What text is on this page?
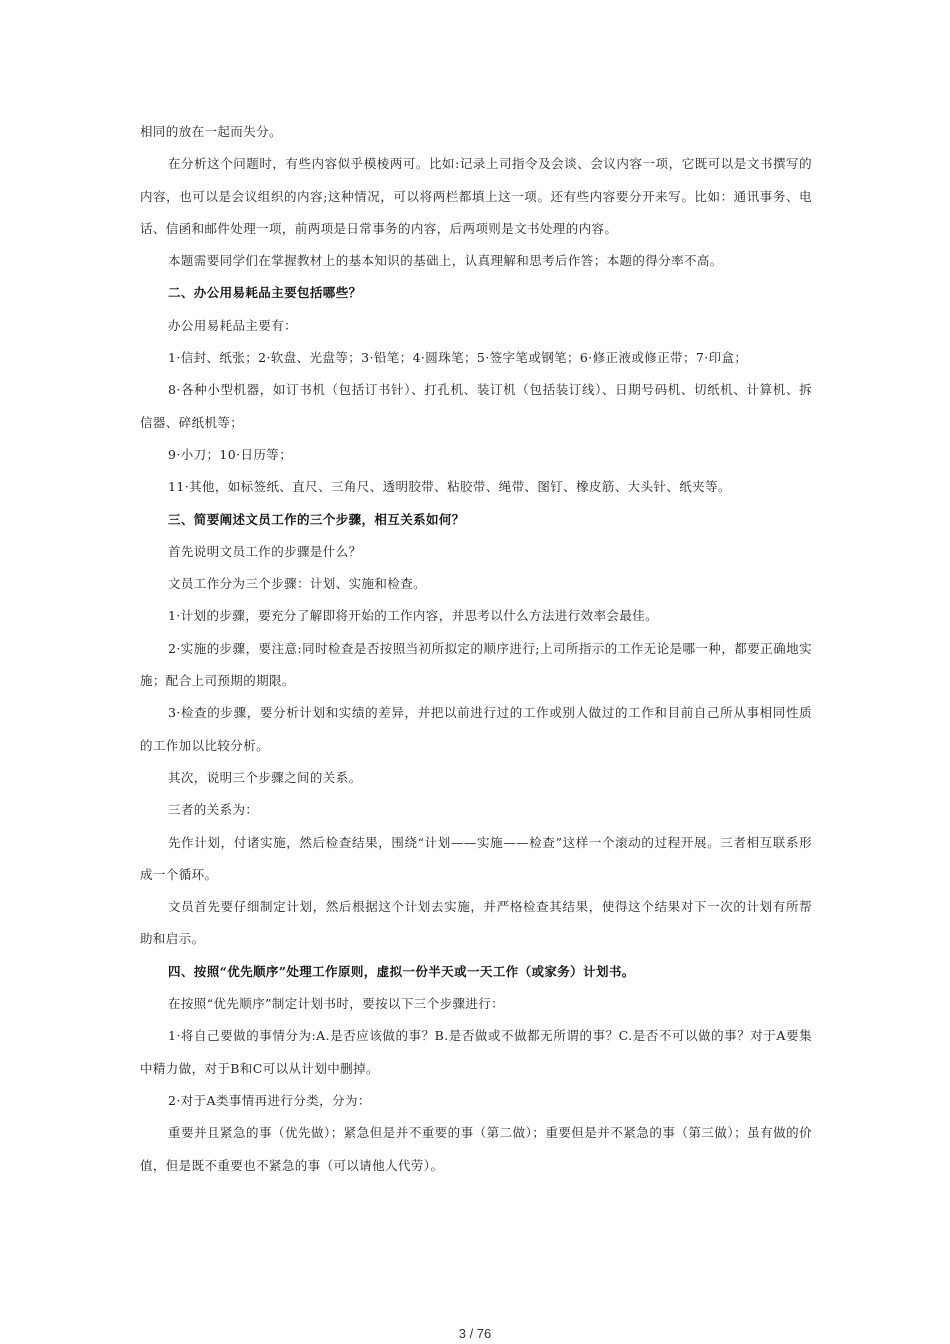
相同的放在一起而失分。

在分析这个问题时，有些内容似乎模棱两可。比如:记录上司指令及会谈、会议内容一项，它既可以是文书撰写的内容，也可以是会议组织的内容;这种情况，可以将两栏都填上这一项。还有些内容要分开来写。比如：通讯事务、电话、信函和邮件处理一项，前两项是日常事务的内容，后两项则是文书处理的内容。

本题需要同学们在掌握教材上的基本知识的基础上，认真理解和思考后作答；本题的得分率不高。

二、办公用易耗品主要包括哪些？

办公用易耗品主要有：

1·信封、纸张；2·软盘、光盘等；3·铅笔；4·圆珠笔；5·签字笔或钢笔；6·修正液或修正带；7·印盒；

8·各种小型机器，如订书机（包括订书针）、打孔机、装订机（包括装订线）、日期号码机、切纸机、计算机、拆信器、碎纸机等；

9·小刀；10·日历等；

11·其他，如标签纸、直尺、三角尺、透明胶带、粘胶带、绳带、图钉、橡皮筋、大头针、纸夹等。

三、简要阐述文员工作的三个步骤，相互关系如何？

首先说明文员工作的步骤是什么？

文员工作分为三个步骤：计划、实施和检查。

1·计划的步骤，要充分了解即将开始的工作内容，并思考以什么方法进行效率会最佳。

2·实施的步骤，要注意:同时检查是否按照当初所拟定的顺序进行;上司所指示的工作无论是哪一种，都要正确地实施；配合上司预期的期限。

3·检查的步骤，要分析计划和实绩的差异，并把以前进行过的工作或别人做过的工作和目前自己所从事相同性质的工作加以比较分析。

其次，说明三个步骤之间的关系。

三者的关系为：

先作计划，付诸实施，然后检查结果，围绕“计划——实施——检查”这样一个滚动的过程开展。三者相互联系形成一个循环。

文员首先要仔细制定计划，然后根据这个计划去实施，并严格检查其结果，使得这个结果对下一次的计划有所帮助和启示。

四、按照“优先顺序”处理工作原则，虚拟一份半天或一天工作（或家务）计划书。

在按照“优先顺序”制定计划书时，要按以下三个步骤进行：

1·将自己要做的事情分为:A.是否应该做的事？B.是否做或不做都无所谓的事？C.是否不可以做的事？对于A要集中精力做，对于B和C可以从计划中删掉。

2·对于A类事情再进行分类，分为：

重要并且紧急的事（优先做）；紧急但是并不重要的事（第二做）；重要但是并不紧急的事（第三做）；虽有做的价值，但是既不重要也不紧急的事（可以请他人代劳）。

3 / 76
